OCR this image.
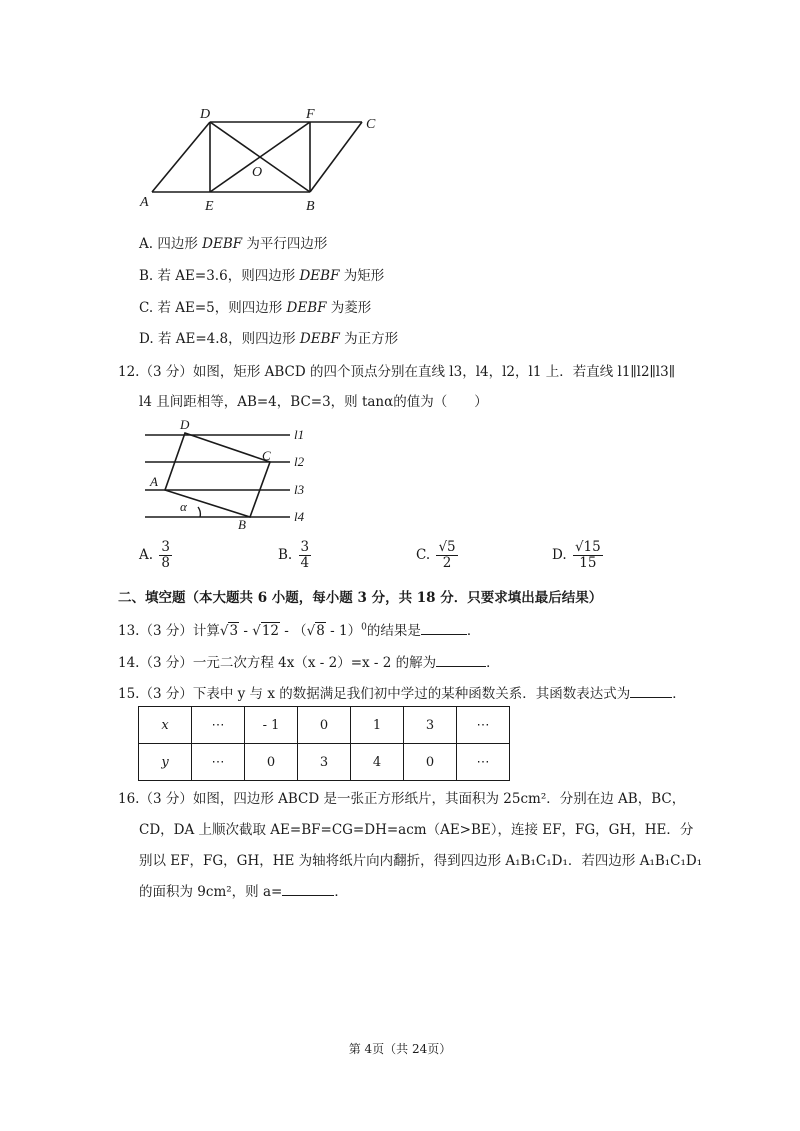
D	F
C
O
A	E	B
A. 四边形 DEBF 为平行四边形
B. 若 AE=3.6，则四边形 DEBF 为矩形
C. 若 AE=5，则四边形 DEBF 为菱形
D. 若 AE=4.8，则四边形 DEBF 为正方形
12.（3 分）如图，矩形 ABCD 的四个顶点分别在直线 l3，l4，l2，l1 上．若直线 l1∥l2∥l3∥
l4 且间距相等，AB=4，BC=3，则 tanα的值为（　　）
D
C
A
B
α
l1
l2
l3
l4
A. $\frac{3}{8}$	B. $\frac{3}{4}$	C. $\frac{√5}{2}$	D. $\frac{√15}{15}$
二、填空题（本大题共 6 小题，每小题 3 分，共 18 分．只要求填出最后结果）
13.（3 分）计算√3 - √12 - （√8 - 1）$^0$的结果是	．
14.（3 分）一元二次方程 4x（x - 2）=x - 2 的解为	．
15.（3 分）下表中 y 与 x 的数据满足我们初中学过的某种函数关系．其函数表达式为	．
x	⋯	- 1	0	1	3	⋯
y	⋯	0	3	4	0	⋯
16.（3 分）如图，四边形 ABCD 是一张正方形纸片，其面积为 25cm²．分别在边 AB，BC，
CD，DA 上顺次截取 AE=BF=CG=DH=acm（AE>BE），连接 EF，FG，GH，HE．分
别以 EF，FG，GH，HE 为轴将纸片向内翻折，得到四边形 A₁B₁C₁D₁．若四边形 A₁B₁C₁D₁
的面积为 9cm²，则 a=	．
第 4页（共 24页）
